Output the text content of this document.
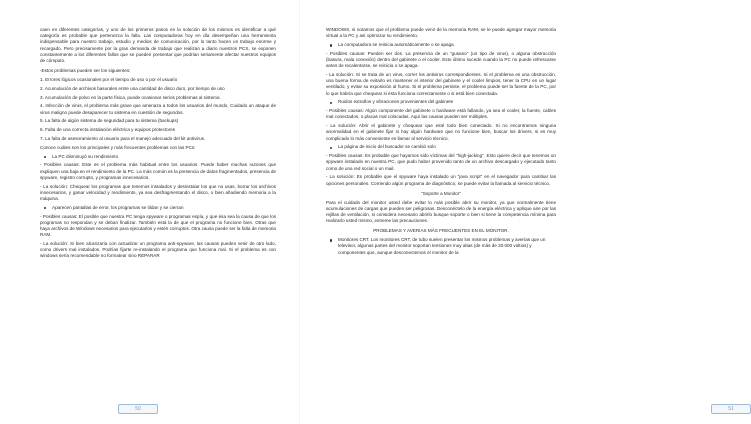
caen en diferentes categorías, y uno de los primeros pasos en la solución de los mismos es identificar a qué categoría es probable que pertenezca la falla. Las computadoras hoy en día desempeñan una herramienta indispensable para nuestro trabajo, estudio y medios de comunicación, por lo tanto hacen un trabajo enorme y recargado. Pero precisamente por la gran demanda de trabajo que realizan a diario nuestros PCS, se exponen constantemente a los diferentes fallos que se pueden presentar que podrían seriamente afectar nuestros equipos de cómputo.

-Estos problemas pueden ser los siguientes:

1. Errores lógicos ocasionales por el tiempo de uso o por el usuario

2. Acumulación de archivos basurales entre una cantidad de disco duro, por tiempo de uso

3. Acumulación de polvo en la parte física, puede ocasionar serios problemas al sistema

4. Infección de virus, el problema más grave que amenaza a todos los usuarios del mundo, Cuidado un ataque de virus maligno puede desaparecer tu sistema en cuestión de segundos.

5. La falta de algún sistema de seguridad para tu sistema (backups)

6. Falta de una correcta instalación eléctrica y equipos protectores

7. La falta de asesoramiento al usuario para el manejo adecuado del kit antivirus.

Conoce cuáles son los principales y más frecuentes problemas con las PCs:

La PC disminuyó su rendimiento

- Posibles causas: Este es el problema más habitual entre los usuarios. Puede haber muchas razones que expliquen una baja en el rendimiento de la PC. La más común es la presencia de datos fragmentados, presencia de spyware, registro corrupto, y programas innecesarios.

- La solución: Chequear los programas que tenemos instalados y desinstalar los que no usas, borrar los archivos innecesarios, y ganar velocidad y rendimiento, ya sea desfragmentando el disco, o bien añadiendo memoria a la máquina.

Aparecen pantallas de error, los programas se tildan y se cierran

- Posibles causas: El posible que nuestra PC tenga spyware o programas espía, y que ésa sea la causa de que los programas no respondan y se deban finalizar. También está la de que el programa no funcione bien. Otras que haya archivos de Windows necesarios para ejecutarlos y estén corruptos. Otra causa puede ser la falta de memoria RAM.

- La solución: Si bien alcanzaría con actualizar un programa anti-spyware, las causas pueden venir de otro lado, como drivers mal instalados. Podrías fijarte re-instalando el programa que funciona mal. Si el problema es con windows sería recomendable no formatear sino REPARAR

50

WINDOWS, si notamos que el problema puede venir de la memoria RAM, se le puede agregar mayor memoria virtual a la PC y así optimizar su rendimiento.

La computadora se reinicia automáticamente o se apaga

- Posibles causas: Pueden ser dos. La presencia de un "gusano" (un tipo de virus), o alguna obstrucción (basura, mala conexión) dentro del gabinete o el cooler. Esto último sucede cuando la PC no puede refrescarse antes de recalentarse, se reinicia o se apaga.

- La solución: Si se trata de un virus, correr los antivirus correspondientes. Si el problema es una obstrucción, una buena forma de evitarlo es mantener el interior del gabinete y el cooler limpios, tener la CPU en un lugar ventilado, y evitar su exposición al humo. Si el problema persiste, el problema puede ser la fuente de la PC, por lo que habría que chequear si ésta funciona correctamente o si está bien conectada.

Ruidos extraños y vibraciones provenientes del gabinete

- Posibles causas: Algún componente del gabinete o hardware está fallando, ya sea el cooler, la fuente, cables mal conectados, o placas mal colocadas. Aquí las causas pueden ser múltiples.

- La solución: Abrir el gabinete y chequear que esté todo bien conectado. Si no encontramos ninguna anormalidad en el gabinete fijar si hay algún hardware que no funcione bien, buscar los drivers, si es muy complicado lo más conveniente es llamar al servicio técnico.

La página de inicio del buscador se cambió solo

- Posibles causas: Es probable que hayamos sido víctimas del "high-jacking". Esto quiere decir que tenemos un spyware instalado en nuestra PC, que pudo haber provenido tanto de un archivo descargado y ejecutado tanto como de una red social o un mail.

- La solución: Es probable que el spyware haya instalado un "java script" en el navegador para cambiar las opciones personales. Corriendo algún programa de diagnóstico, se puede evitar la llamada al servicio técnico.

"Soporte a Monitor"

Para el cuidado del monitor usted debe evitar lo más posible abrir su monitor, ya que normalmente tiene acumulaciones de cargas que pueden ser peligrosas. Desconéctelo de la energía eléctrica y aplique aire por las rejillas de ventilación, si considera necesario abrirlo busque soporte o bien si tiene la competencia mínima para realizarlo usted mismo, extreme las precauciones.

PROBLEMAS Y AVERIAS MÁS FRECUENTES EN EL MONITOR.

Monitores CRT. Los monitores CRT, de tubo suelen presentar los mismos problemas y averías que un televisor, algunas partes del monitor soportan tensiones muy altas (de más de 20.000 voltios) y componentes que, aunque desconectemos el monitor de la
51
